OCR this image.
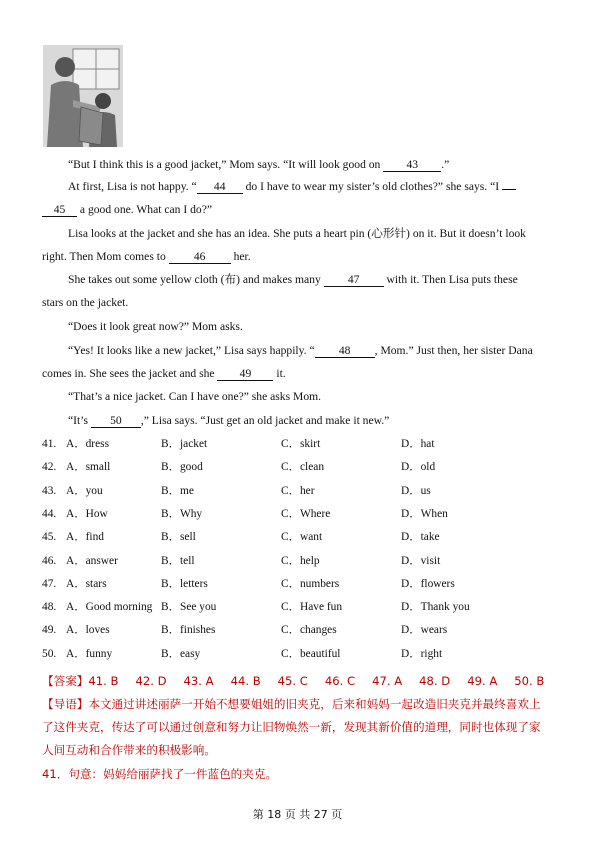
“But I think this is a good jacket,” Mom says. “It will look good on 43 .”
At first, Lisa is not happy. “ 44 do I have to wear my sister’s old clothes?” she says. “I
45 a good one. What can I do?”
Lisa looks at the jacket and she has an idea. She puts a heart pin (心形针) on it. But it doesn’t look
right. Then Mom comes to 46 her.
She takes out some yellow cloth (布) and makes many 47 with it. Then Lisa puts these
stars on the jacket.
“Does it look great now?” Mom asks.
“Yes! It looks like a new jacket,” Lisa says happily. “ 48 , Mom.” Just then, her sister Dana
comes in. She sees the jacket and she 49 it.
“That’s a nice jacket. Can I have one?” she asks Mom.
“It’s 50 ,” Lisa says. “Just get an old jacket and make it new.”
41. A．dress	B．jacket	C．skirt	D．hat
42. A．small	B．good	C．clean	D．old
43. A．you	B．me	C．her	D．us
44. A．How	B．Why	C．Where	D．When
45. A．find	B．sell	C．want	D．take
46. A．answer	B．tell	C．help	D．visit
47. A．stars	B．letters	C．numbers	D．flowers
48. A．Good morning B．See you	C．Have fun	D．Thank you
49. A．loves	B．finishes	C．changes	D．wears
50. A．funny	B．easy	C．beautiful	D．right
【答案】41. B 42. D 43. A 44. B 45. C 46. C 47. A 48. D 49. A 50. B
【导语】本文通过讲述丽萨一开始不想要姐姐的旧夹克，后来和妈妈一起改造旧夹克并最终喜欢上
了这件夹克，传达了可以通过创意和努力让旧物焕然一新，发现其新价值的道理，同时也体现了家
人间互动和合作带来的积极影响。
41．句意：妈妈给丽萨找了一件蓝色的夹克。
第 18 页 共 27 页
